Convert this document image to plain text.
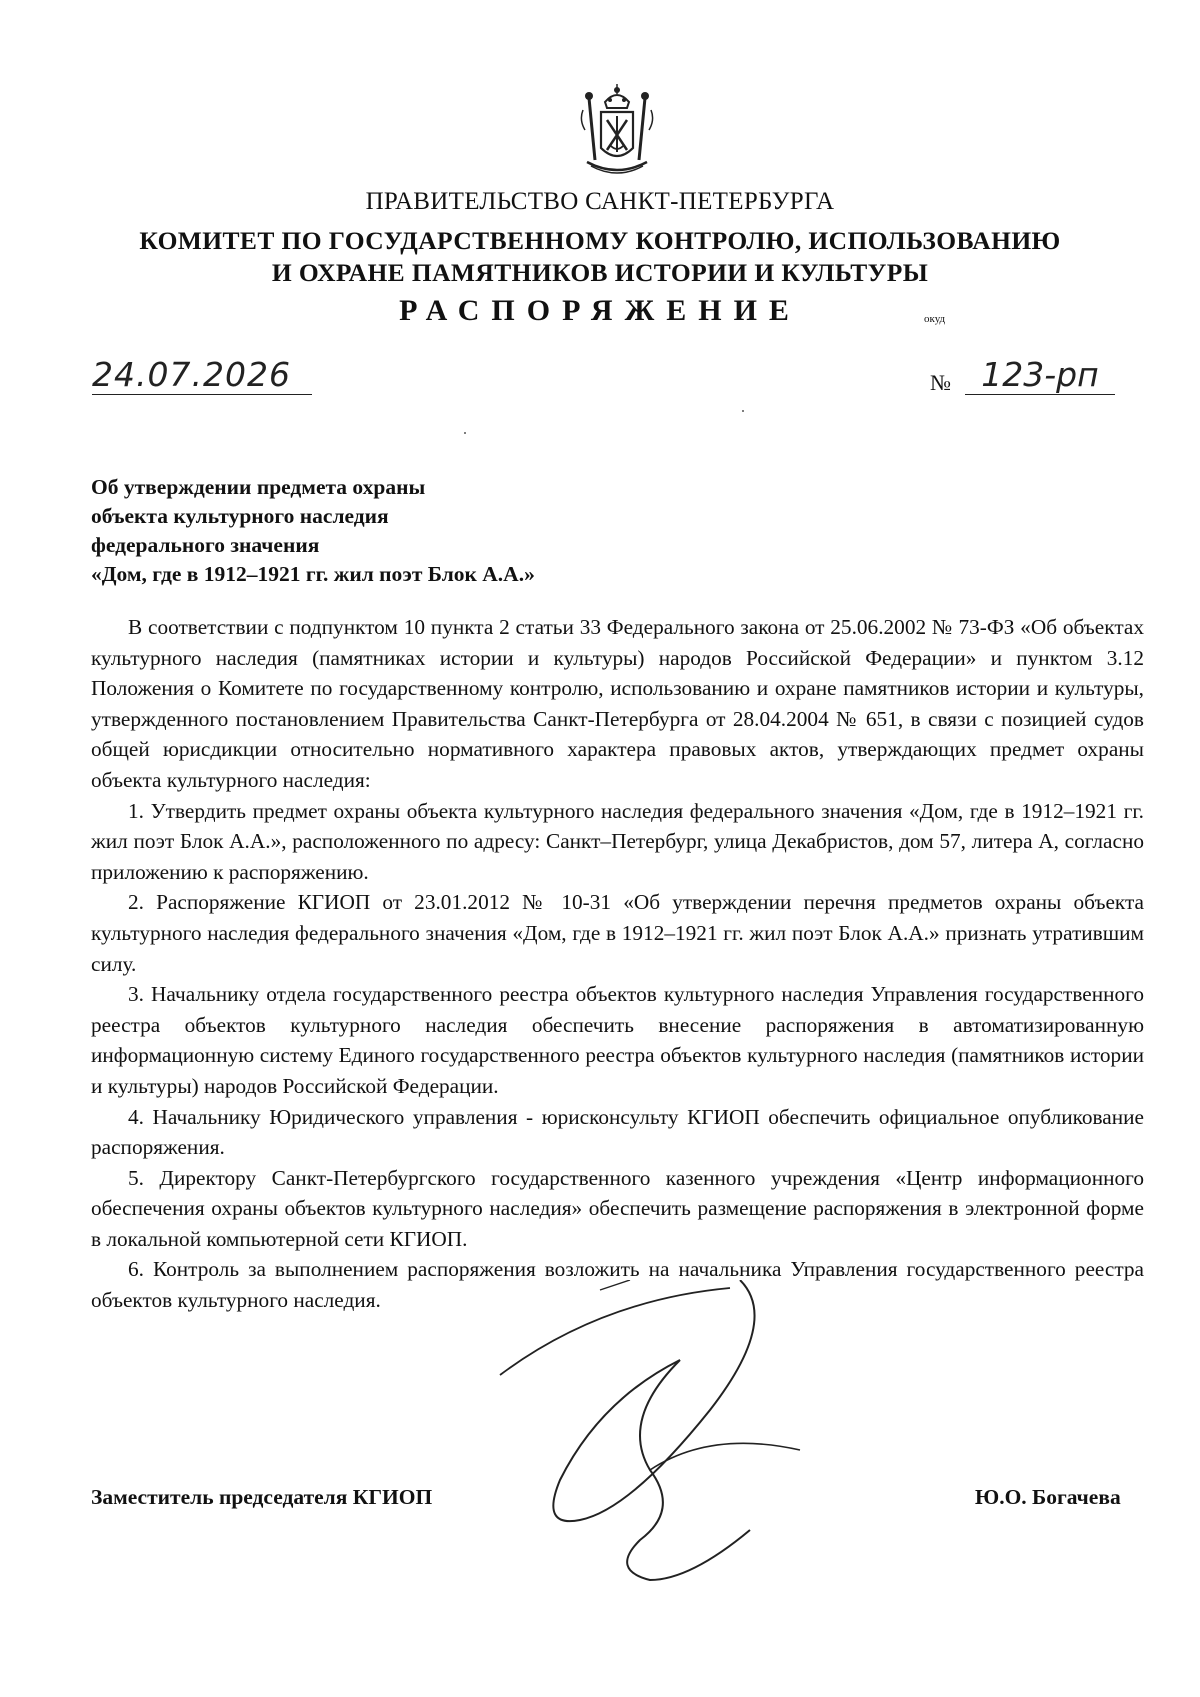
ПРАВИТЕЛЬСТВО САНКТ-ПЕТЕРБУРГА
КОМИТЕТ ПО ГОСУДАРСТВЕННОМУ КОНТРОЛЮ, ИСПОЛЬЗОВАНИЮ
И ОХРАНЕ ПАМЯТНИКОВ ИСТОРИИ И КУЛЬТУРЫ
РАСПОРЯЖЕНИЕ	окуд
24.07.2026	№ 123-рп
Об утверждении предмета охраны
объекта культурного наследия
федерального значения
«Дом, где в 1912–1921 гг. жил поэт Блок А.А.»

В соответствии с подпунктом 10 пункта 2 статьи 33 Федерального закона от 25.06.2002 № 73-ФЗ «Об объектах культурного наследия (памятниках истории и культуры) народов Российской Федерации» и пунктом 3.12 Положения о Комитете по государственному контролю, использованию и охране памятников истории и культуры, утвержденного постановлением Правительства Санкт-Петербурга от 28.04.2004 № 651, в связи с позицией судов общей юрисдикции относительно нормативного характера правовых актов, утверждающих предмет охраны объекта культурного наследия:

1. Утвердить предмет охраны объекта культурного наследия федерального значения «Дом, где в 1912–1921 гг. жил поэт Блок А.А.», расположенного по адресу: Санкт–Петербург, улица Декабристов, дом 57, литера А, согласно приложению к распоряжению.

2. Распоряжение КГИОП от 23.01.2012 № 10-31 «Об утверждении перечня предметов охраны объекта культурного наследия федерального значения «Дом, где в 1912–1921 гг. жил поэт Блок А.А.» признать утратившим силу.

3. Начальнику отдела государственного реестра объектов культурного наследия Управления государственного реестра объектов культурного наследия обеспечить внесение распоряжения в автоматизированную информационную систему Единого государственного реестра объектов культурного наследия (памятников истории и культуры) народов Российской Федерации.

4. Начальнику Юридического управления - юрисконсульту КГИОП обеспечить официальное опубликование распоряжения.

5. Директору Санкт-Петербургского государственного казенного учреждения «Центр информационного обеспечения охраны объектов культурного наследия» обеспечить размещение распоряжения в электронной форме в локальной компьютерной сети КГИОП.

6. Контроль за выполнением распоряжения возложить на начальника Управления государственного реестра объектов культурного наследия.

Заместитель председателя КГИОП	Ю.О. Богачева
